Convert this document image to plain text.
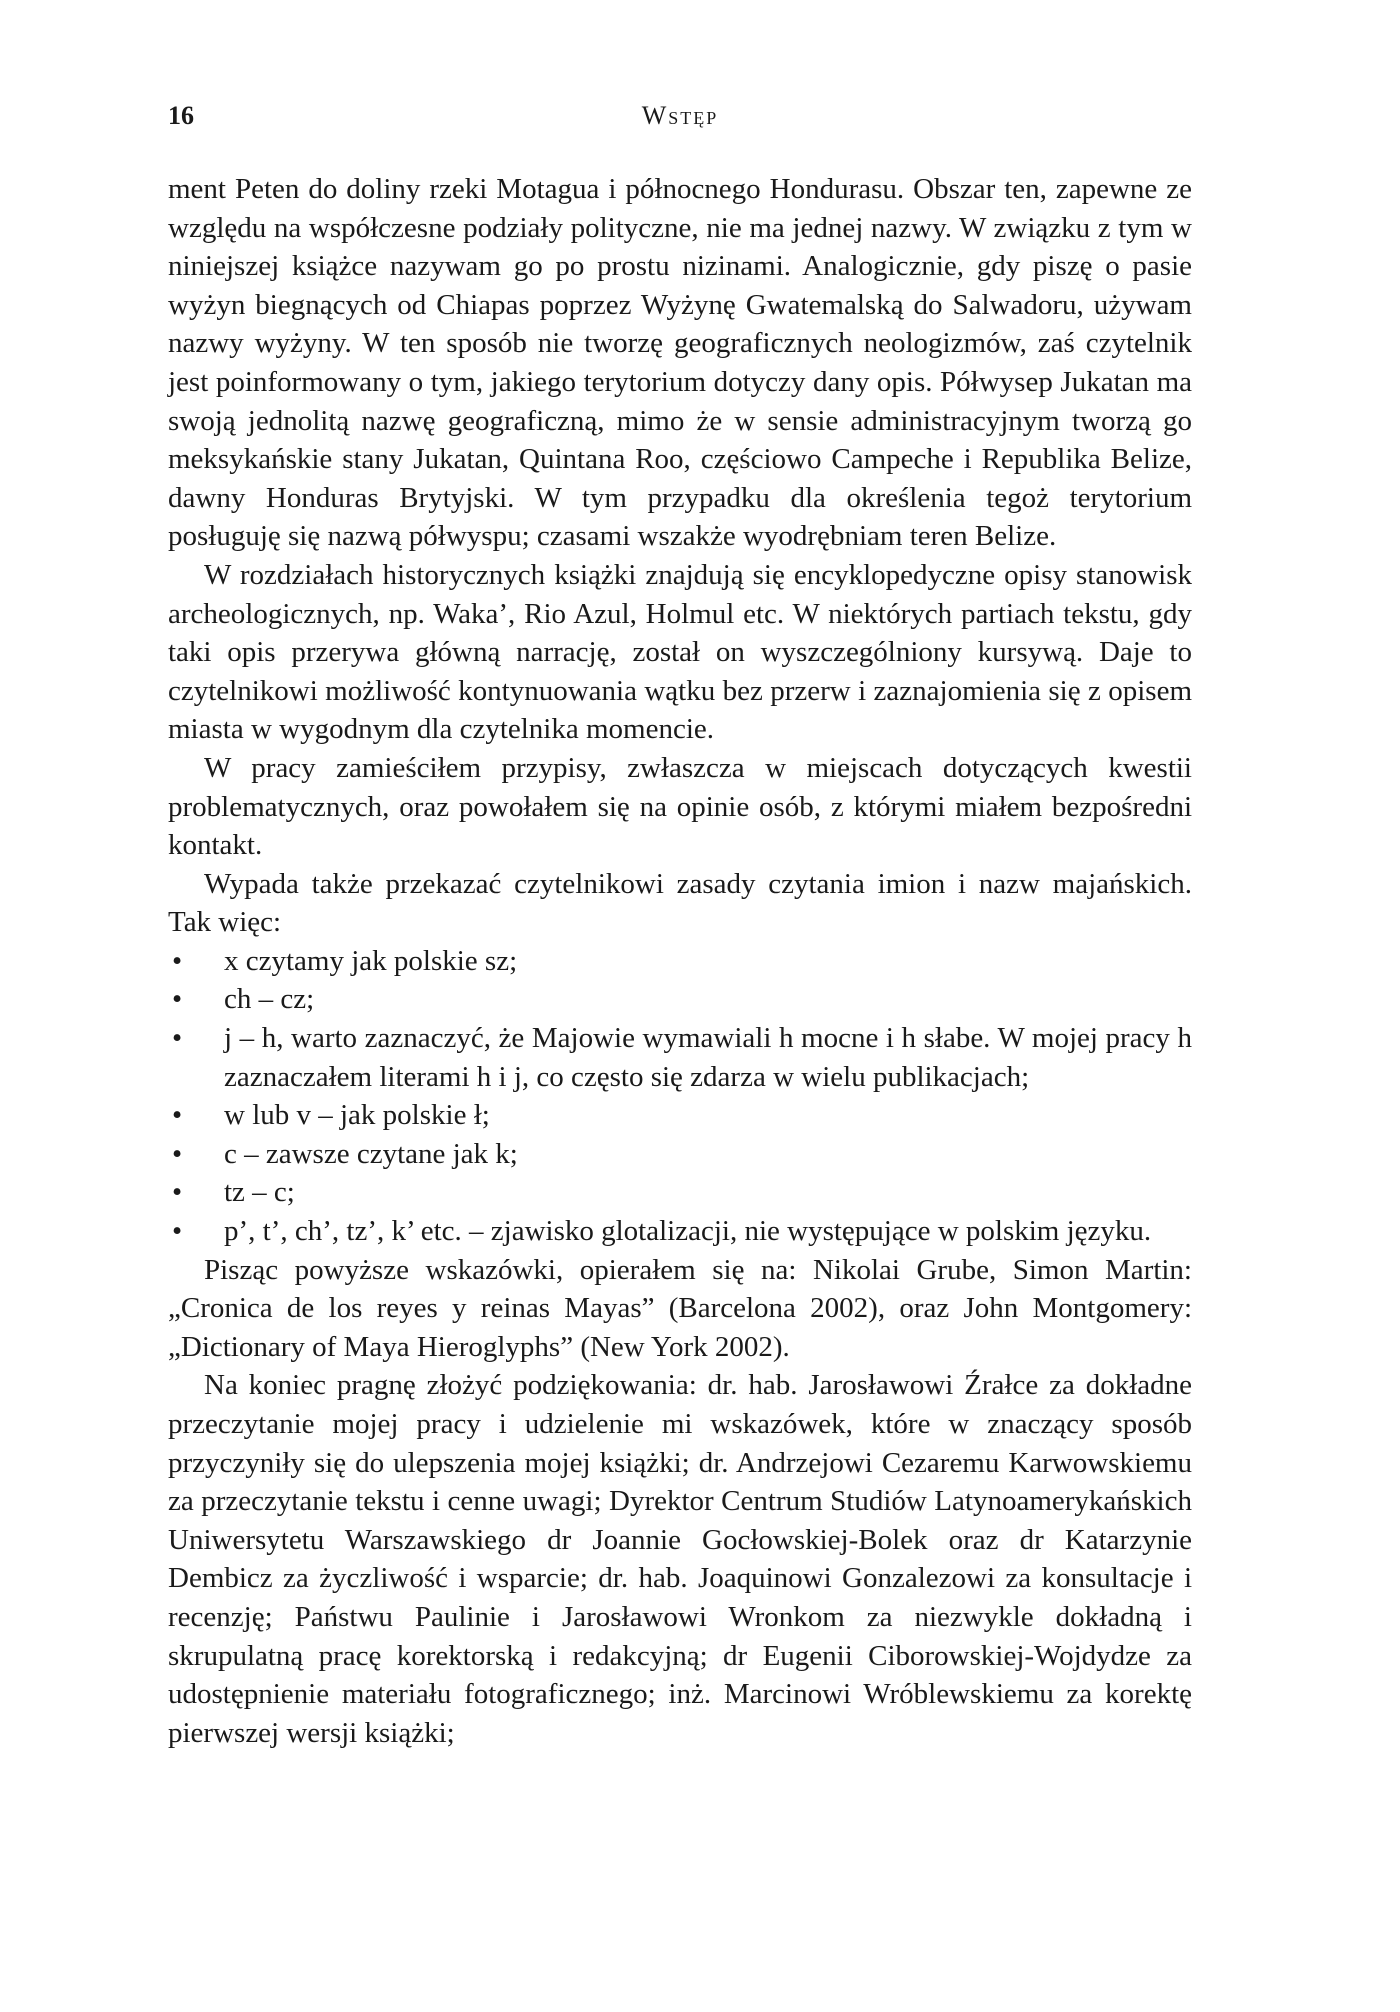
16	Wstęp

ment Peten do doliny rzeki Motagua i północnego Hondurasu. Obszar ten, zapewne ze względu na współczesne podziały polityczne, nie ma jednej nazwy. W związku z tym w niniejszej książce nazywam go po prostu nizinami. Analogicznie, gdy piszę o pasie wyżyn biegnących od Chiapas poprzez Wyżynę Gwatemalską do Salwadoru, używam nazwy wyżyny. W ten sposób nie tworzę geograficznych neologizmów, zaś czytelnik jest poinformowany o tym, jakiego terytorium dotyczy dany opis. Półwysep Jukatan ma swoją jednolitą nazwę geograficzną, mimo że w sensie administracyjnym tworzą go meksykańskie stany Jukatan, Quintana Roo, częściowo Campeche i Republika Belize, dawny Honduras Brytyjski. W tym przypadku dla określenia tegoż terytorium posługuję się nazwą półwyspu; czasami wszakże wyodrębniam teren Belize.

W rozdziałach historycznych książki znajdują się encyklopedyczne opisy stanowisk archeologicznych, np. Waka’, Rio Azul, Holmul etc. W niektórych partiach tekstu, gdy taki opis przerywa główną narrację, został on wyszczególniony kursywą. Daje to czytelnikowi możliwość kontynuowania wątku bez przerw i zaznajomienia się z opisem miasta w wygodnym dla czytelnika momencie.

W pracy zamieściłem przypisy, zwłaszcza w miejscach dotyczących kwestii problematycznych, oraz powołałem się na opinie osób, z którymi miałem bezpośredni kontakt.

Wypada także przekazać czytelnikowi zasady czytania imion i nazw majańskich. Tak więc:

• x czytamy jak polskie sz;
• ch – cz;
• j – h, warto zaznaczyć, że Majowie wymawiali h mocne i h słabe. W mojej pracy h zaznaczałem literami h i j, co często się zdarza w wielu publikacjach;
• w lub v – jak polskie ł;
• c – zawsze czytane jak k;
• tz – c;
• p’, t’, ch’, tz’, k’ etc. – zjawisko glotalizacji, nie występujące w polskim języku.

Pisząc powyższe wskazówki, opierałem się na: Nikolai Grube, Simon Martin: „Cronica de los reyes y reinas Mayas” (Barcelona 2002), oraz John Montgomery: „Dictionary of Maya Hieroglyphs” (New York 2002).

Na koniec pragnę złożyć podziękowania: dr. hab. Jarosławowi Źrałce za dokładne przeczytanie mojej pracy i udzielenie mi wskazówek, które w znaczący sposób przyczyniły się do ulepszenia mojej książki; dr. Andrzejowi Cezaremu Karwowskiemu za przeczytanie tekstu i cenne uwagi; Dyrektor Centrum Studiów Latynoamerykańskich Uniwersytetu Warszawskiego dr Joannie Gocłowskiej-Bolek oraz dr Katarzynie Dembicz za życzliwość i wsparcie; dr. hab. Joaquinowi Gonzalezowi za konsultacje i recenzję; Państwu Paulinie i Jarosławowi Wronkom za niezwykle dokładną i skrupulatną pracę korektorską i redakcyjną; dr Eugenii Ciborowskiej-Wojdydze za udostępnienie materiału fotograficznego; inż. Marcinowi Wróblewskiemu za korektę pierwszej wersji książki;
